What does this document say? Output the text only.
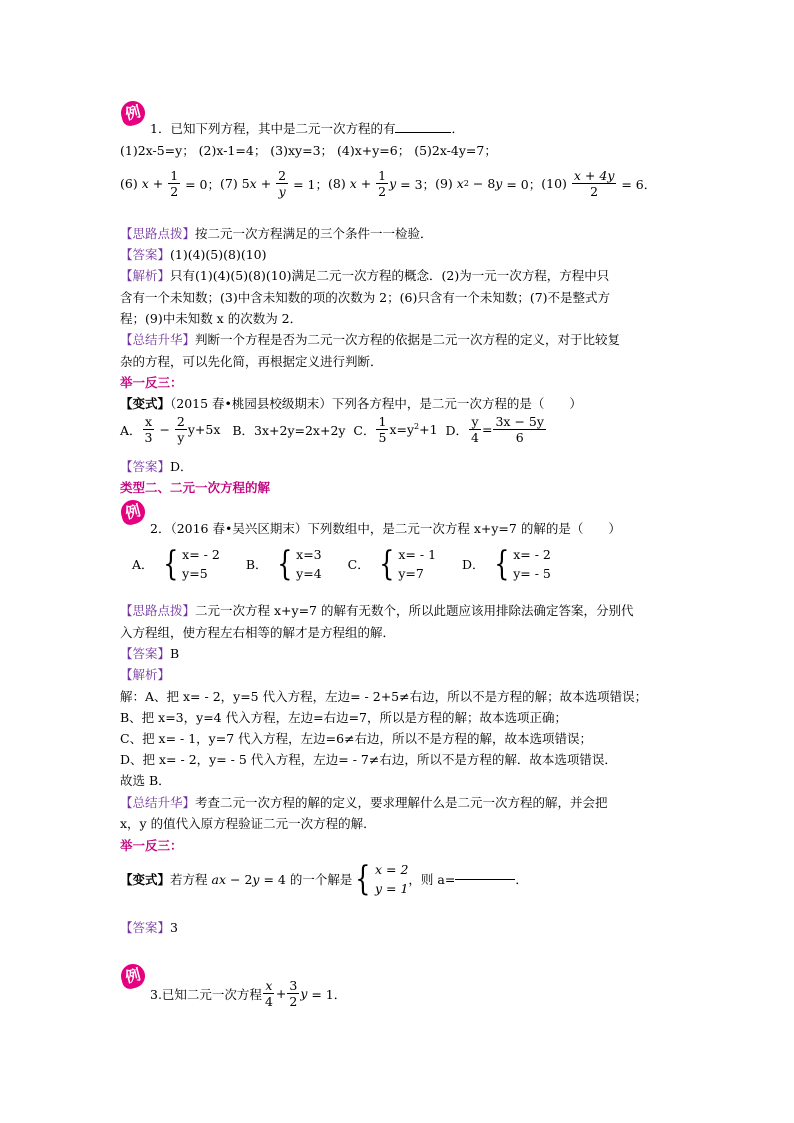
例
1．已知下列方程，其中是二元一次方程的有	．
(1)2x-5=y； (2)x-1=4； (3)xy=3； (4)x+y=6； (5)2x-4y=7；
(6)
$x + \frac{1}{2} = 0$； (7) 5 $x + \frac{2}{y} = 1$； (8)
$x + \frac{1}{2}$ y = 3； (9)
x 2 − 8 y = 0； (10)
$\frac{x + 4y}{2} = 6$．
【思路点拨】按二元一次方程满足的三个条件一一检验．
【答案】(1)(4)(5)(8)(10)
【解析】只有(1)(4)(5)(8)(10)满足二元一次方程的概念．(2)为一元一次方程，方程中只
含有一个未知数；(3)中含未知数的项的次数为 2；(6)只含有一个未知数；(7)不是整式方
程；(9)中未知数 x 的次数为 2．
【总结升华】判断一个方程是否为二元一次方程的依据是二元一次方程的定义，对于比较复
杂的方程，可以先化简，再根据定义进行判断．
举一反三：
【变式】（2015 春•桃园县校级期末）下列各方程中，是二元一次方程的是（　　）
A． $\frac{x}{3} - \frac{2}{y} y+5x$ B．3x+2y=2x+2y  C． $\frac{1}{5} x=y^2+1$ D． $\frac{y}{4} = \frac{3x - 5y}{6}$
【答案】D．
类型二、二元一次方程的解
例
2．（2016 春•吴兴区期末）下列数组中，是二元一次方程 x+y=7 的解的是（　　）
A． { x= - 2
y=5
B． { x=3
y=4
C． { x= - 1
y=7
D． { x= - 2
y= - 5
【思路点拨】二元一次方程 x+y=7 的解有无数个，所以此题应该用排除法确定答案，分别代
入方程组，使方程左右相等的解才是方程组的解．
【答案】B
【解析】
解：A、把 x= - 2，y=5 代入方程，左边= - 2+5≠右边，所以不是方程的解；故本选项错误；
B、把 x=3，y=4 代入方程，左边=右边=7，所以是方程的解；故本选项正确；
C、把 x= - 1，y=7 代入方程，左边=6≠右边，所以不是方程的解，故本选项错误；
D、把 x= - 2，y= - 5 代入方程，左边= - 7≠右边，所以不是方程的解．故本选项错误．
故选 B．
【总结升华】考查二元一次方程的解的定义，要求理解什么是二元一次方程的解，并会把
x，y 的值代入原方程验证二元一次方程的解．
举一反三：
【变式】 若方程
ax − 2 y = 4 的一个解是 { x = 2
y = 1
，则 a=	．
【答案】3
例
3.已知二元一次方程 $\frac{x}{4} + \frac{3}{2}$ y = 1．
